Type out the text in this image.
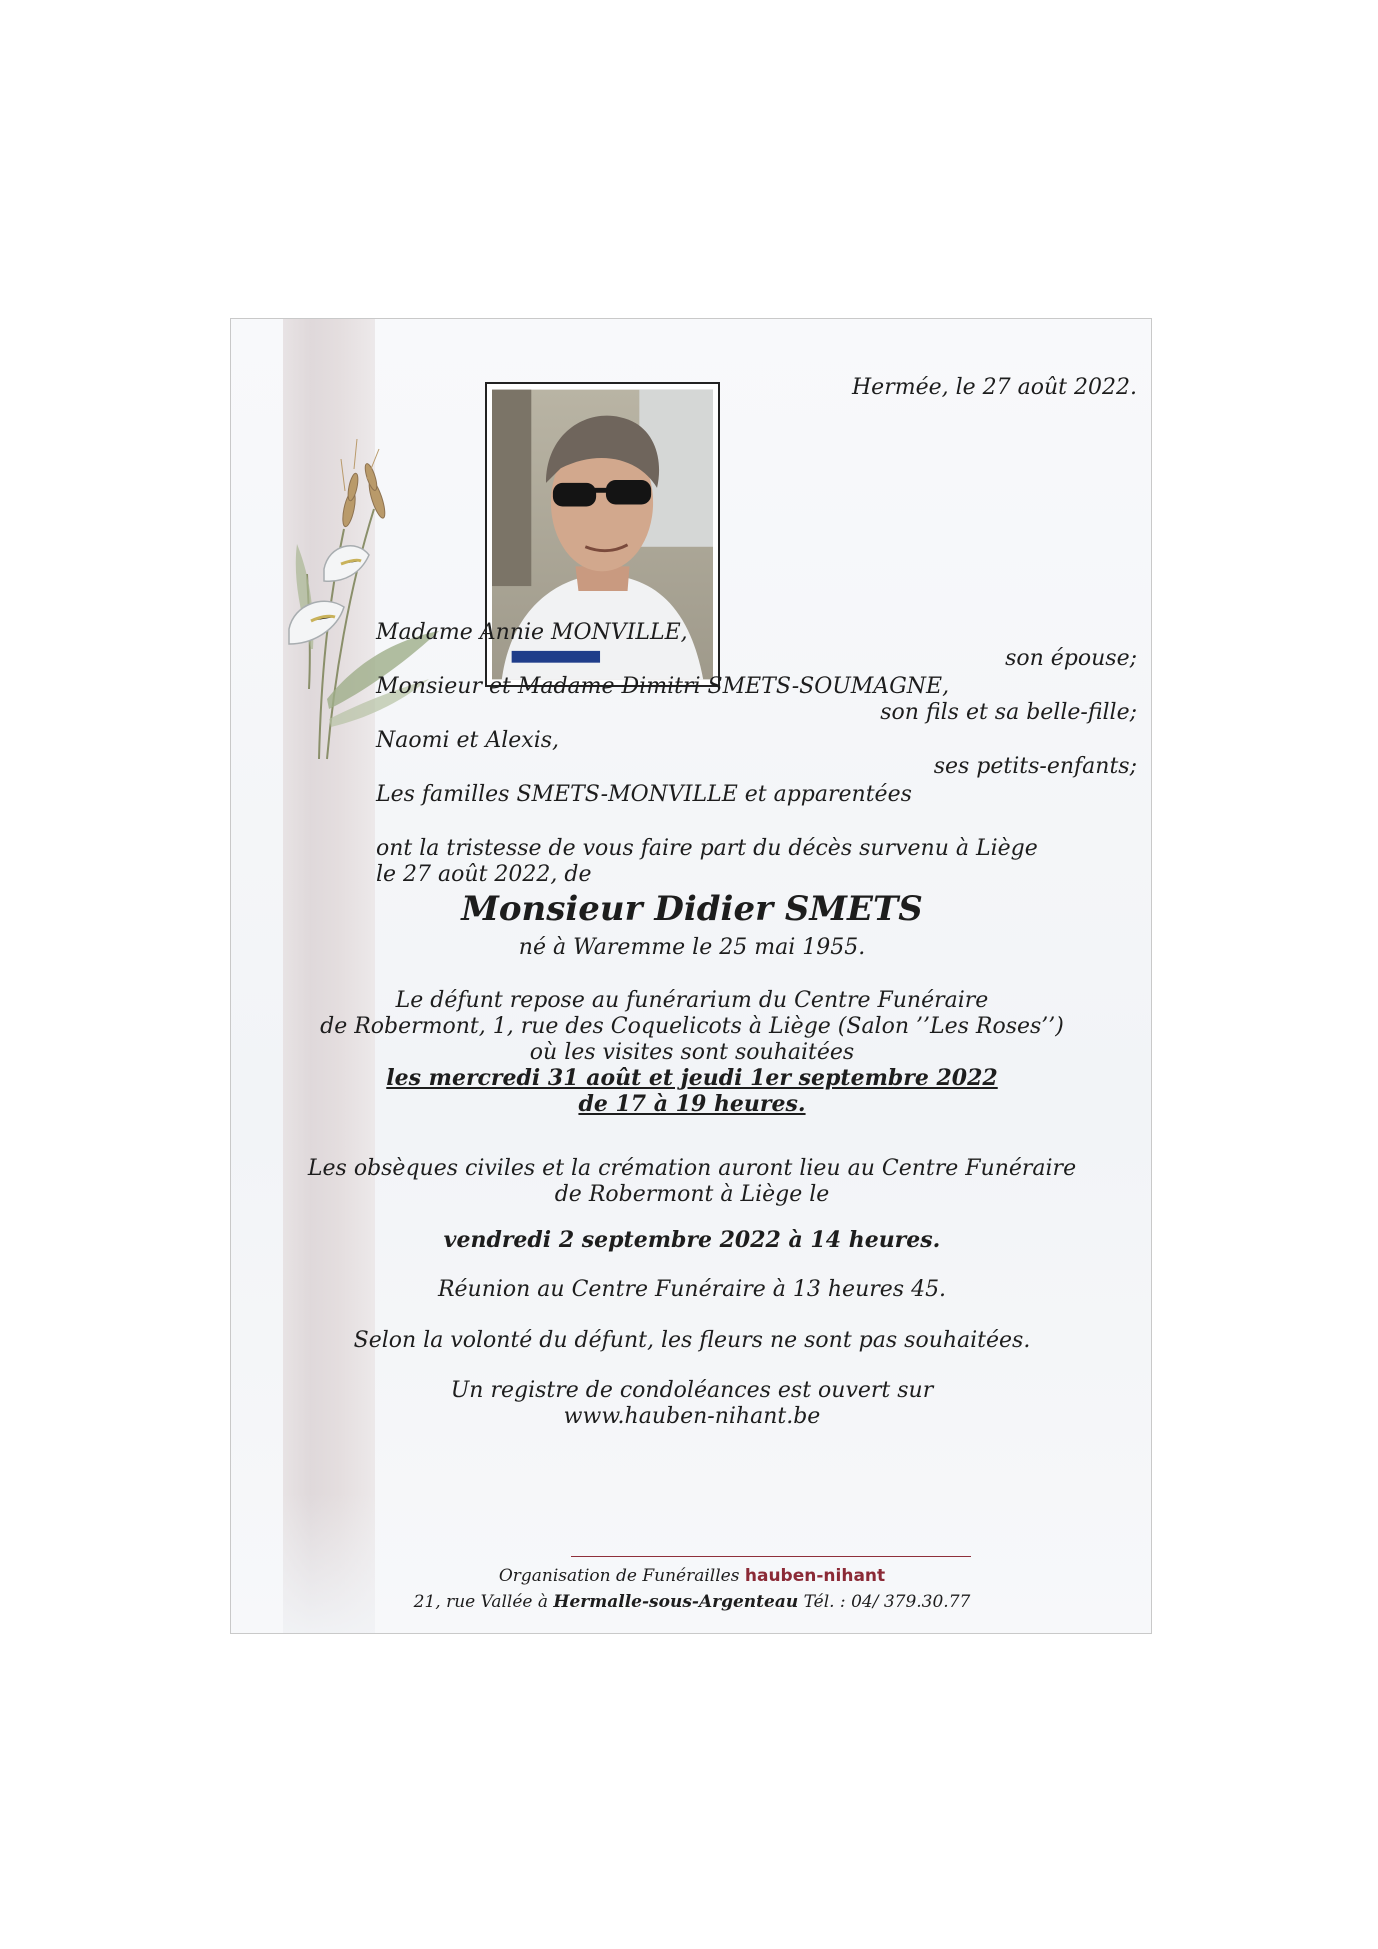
Hermée, le 27 août 2022.
Madame Annie MONVILLE,
son épouse;
Monsieur et Madame Dimitri SMETS-SOUMAGNE,
son fils et sa belle-fille;
Naomi et Alexis,
ses petits-enfants;
Les familles SMETS-MONVILLE et apparentées
ont la tristesse de vous faire part du décès survenu à Liège
le 27 août 2022, de
Monsieur Didier SMETS
né à Waremme le 25 mai 1955.
Le défunt repose au funérarium du Centre Funéraire
de Robermont, 1, rue des Coquelicots à Liège (Salon ’’Les Roses’’)
où les visites sont souhaitées
les mercredi 31 août et jeudi 1er septembre 2022
de 17 à 19 heures.
Les obsèques civiles et la crémation auront lieu au Centre Funéraire
de Robermont à Liège le
vendredi 2 septembre 2022 à 14 heures.
Réunion au Centre Funéraire à 13 heures 45.
Selon la volonté du défunt, les fleurs ne sont pas souhaitées.
Un registre de condoléances est ouvert sur
www.hauben-nihant.be
Organisation de Funérailles hauben-nihant
21, rue Vallée à Hermalle-sous-Argenteau Tél. : 04/ 379.30.77
